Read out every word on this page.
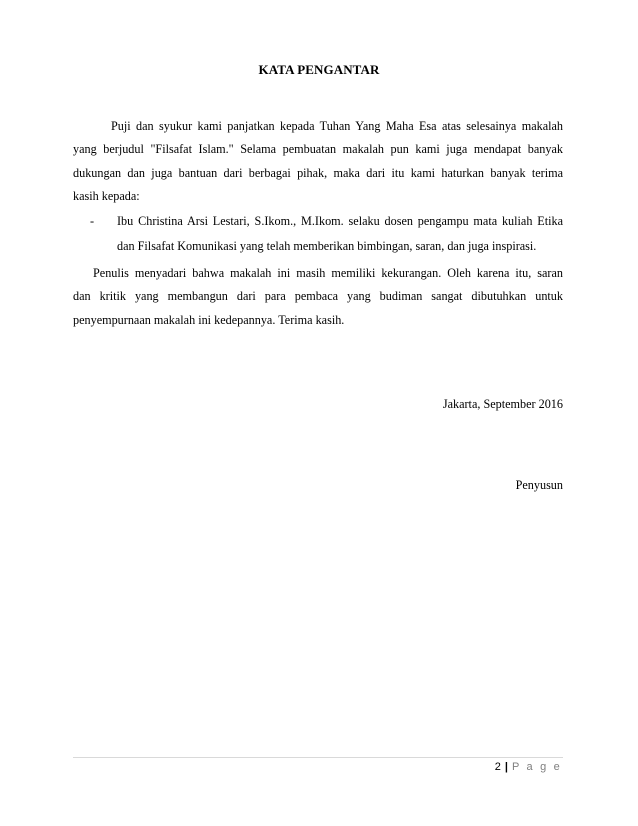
KATA PENGANTAR

Puji dan syukur kami panjatkan kepada Tuhan Yang Maha Esa atas selesainya makalah
yang berjudul "Filsafat Islam." Selama pembuatan makalah pun kami juga mendapat banyak
dukungan dan juga bantuan dari berbagai pihak, maka dari itu kami haturkan banyak terima
kasih kepada:

- Ibu Christina Arsi Lestari, S.Ikom., M.Ikom. selaku dosen pengampu mata kuliah Etika
dan Filsafat Komunikasi yang telah memberikan bimbingan, saran, dan juga inspirasi.

Penulis menyadari bahwa makalah ini masih memiliki kekurangan. Oleh karena itu, saran
dan kritik yang membangun dari para pembaca yang budiman sangat dibutuhkan untuk
penyempurnaan makalah ini kedepannya. Terima kasih.

Jakarta, September 2016
Penyusun
2 | P a g e
